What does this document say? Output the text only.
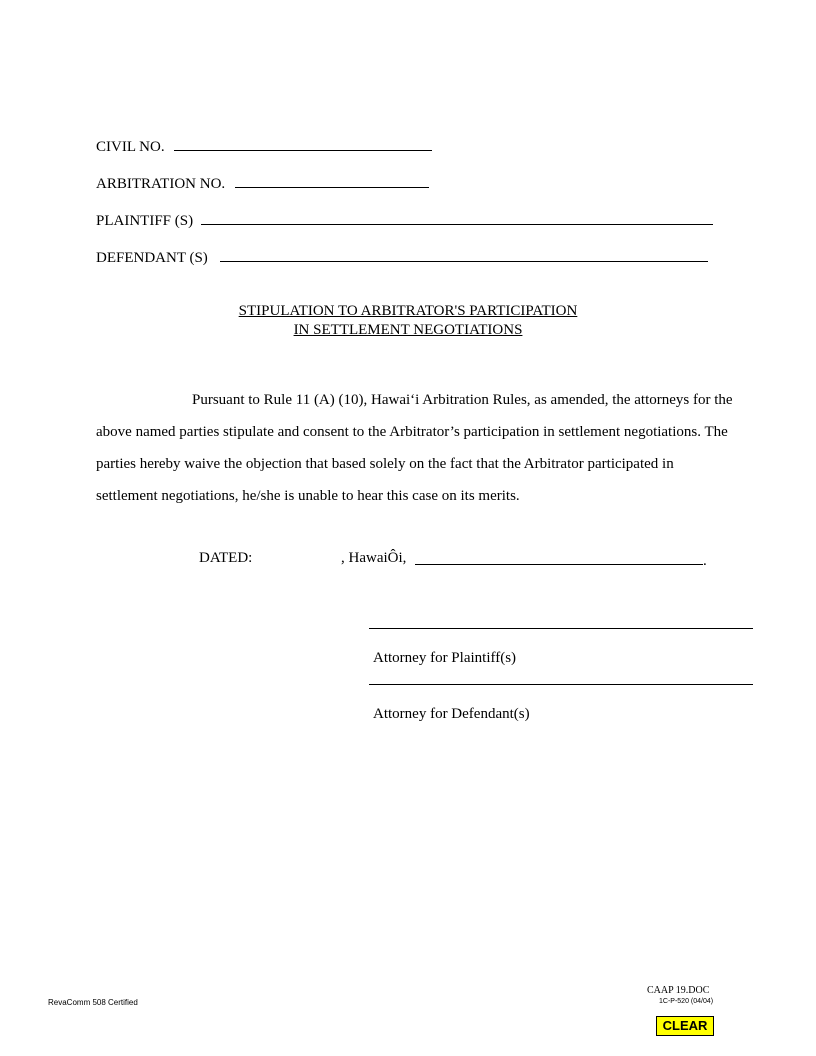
CIVIL NO.
ARBITRATION NO.
PLAINTIFF (S)
DEFENDANT (S)
STIPULATION TO ARBITRATOR'S PARTICIPATION
IN SETTLEMENT NEGOTIATIONS
Pursuant to Rule 11 (A) (10), Hawai‘i Arbitration Rules, as amended, the attorneys for the above named parties stipulate and consent to the Arbitrator’s participation in settlement negotiations. The parties hereby waive the objection that based solely on the fact that the Arbitrator participated in settlement negotiations, he/she is unable to hear this case on its merits.
DATED:	, HawaiÔi,	.
Attorney for Plaintiff(s)
Attorney for Defendant(s)
RevaComm 508 Certified
CAAP 19.DOC
1C-P-520 (04/04)
CLEAR
